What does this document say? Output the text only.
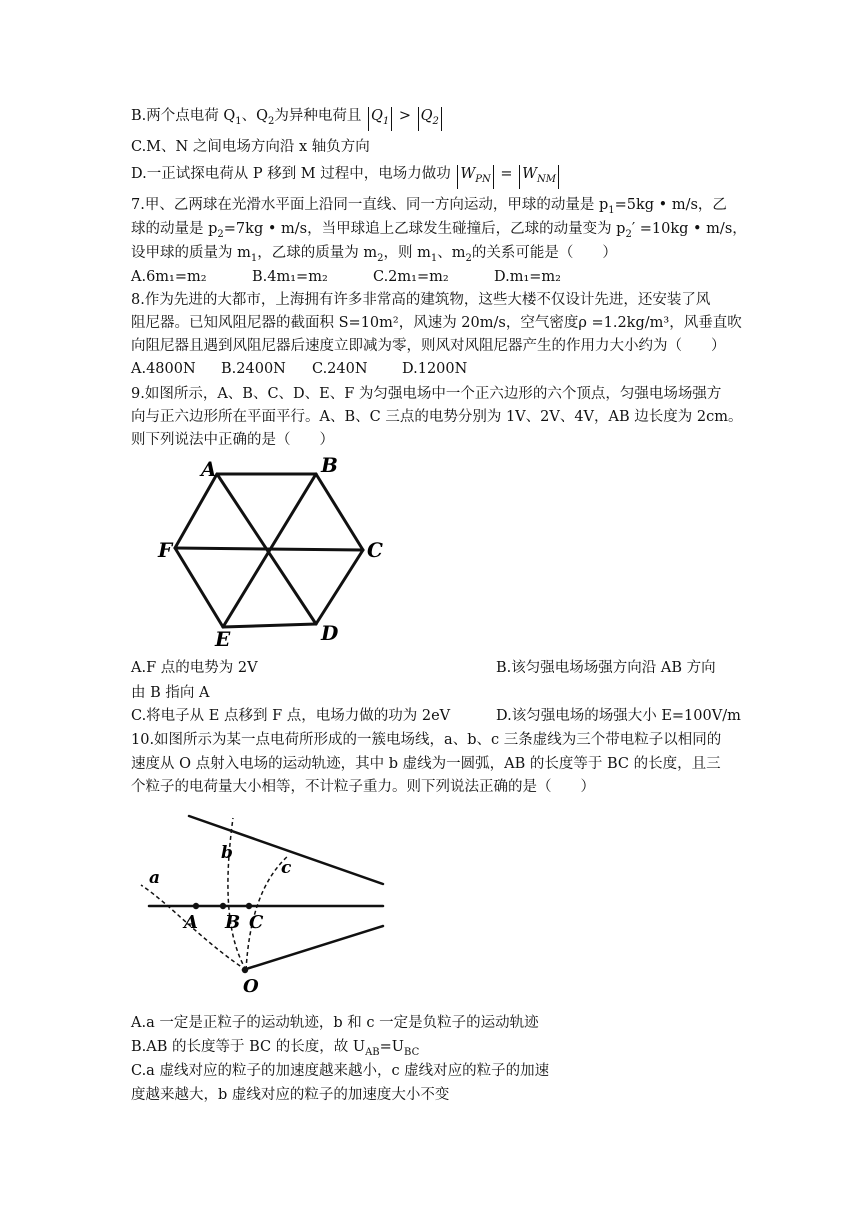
B.两个点电荷 $Q_1$、$Q_2$为异种电荷且 $Q_1 > Q_2$
C.M、N 之间电场方向沿 x 轴负方向
D.一正试探电荷从 P 移到 M 过程中，电场力做功 $W_{PN} = W_{NM}$
7.甲、乙两球在光滑水平面上沿同一直线、同一方向运动，甲球的动量是 $p_1=5kg$ • m/s，乙
球的动量是 $p_2=7kg$ • m/s，当甲球追上乙球发生碰撞后，乙球的动量变为 $p_2' =10kg$ • m/s，
设甲球的质量为 $m_1$，乙球的质量为 $m_2$，则 $m_1$、$m_2$的关系可能是（　　）
A.6m₁=m₂	B.4m₁=m₂	C.2m₁=m₂	D.m₁=m₂
8.作为先进的大都市，上海拥有许多非常高的建筑物，这些大楼不仅设计先进，还安装了风
阻尼器。已知风阻尼器的截面积 S=10m²，风速为 20m/s，空气密度ρ =1.2kg/m³，风垂直吹
向阻尼器且遇到风阻尼器后速度立即减为零，则风对风阻尼器产生的作用力大小约为（　　）
A.4800N B.2400N C.240N D.1200N
9.如图所示，A、B、C、D、E、F 为匀强电场中一个正六边形的六个顶点，匀强电场场强方
向与正六边形所在平面平行。A、B、C 三点的电势分别为 1V、2V、4V，AB 边长度为 2cm。
则下列说法中正确的是（　　）
A	B
C
D
E
F
A.F 点的电势为 2V	B.该匀强电场场强方向沿 AB 方向
由 B 指向 A
C.将电子从 E 点移到 F 点，电场力做的功为 2eV	D.该匀强电场的场强大小 E=100V/m
10.如图所示为某一点电荷所形成的一簇电场线，a、b、c 三条虚线为三个带电粒子以相同的
速度从 O 点射入电场的运动轨迹，其中 b 虚线为一圆弧，AB 的长度等于 BC 的长度，且三
个粒子的电荷量大小相等，不计粒子重力。则下列说法正确的是（　　）
a
b
c
A B C
O
A.a 一定是正粒子的运动轨迹，b 和 c 一定是负粒子的运动轨迹
B.AB 的长度等于 BC 的长度，故 $U_{AB}=U_{BC}$
C.a 虚线对应的粒子的加速度越来越小，c 虚线对应的粒子的加速
度越来越大，b 虚线对应的粒子的加速度大小不变
